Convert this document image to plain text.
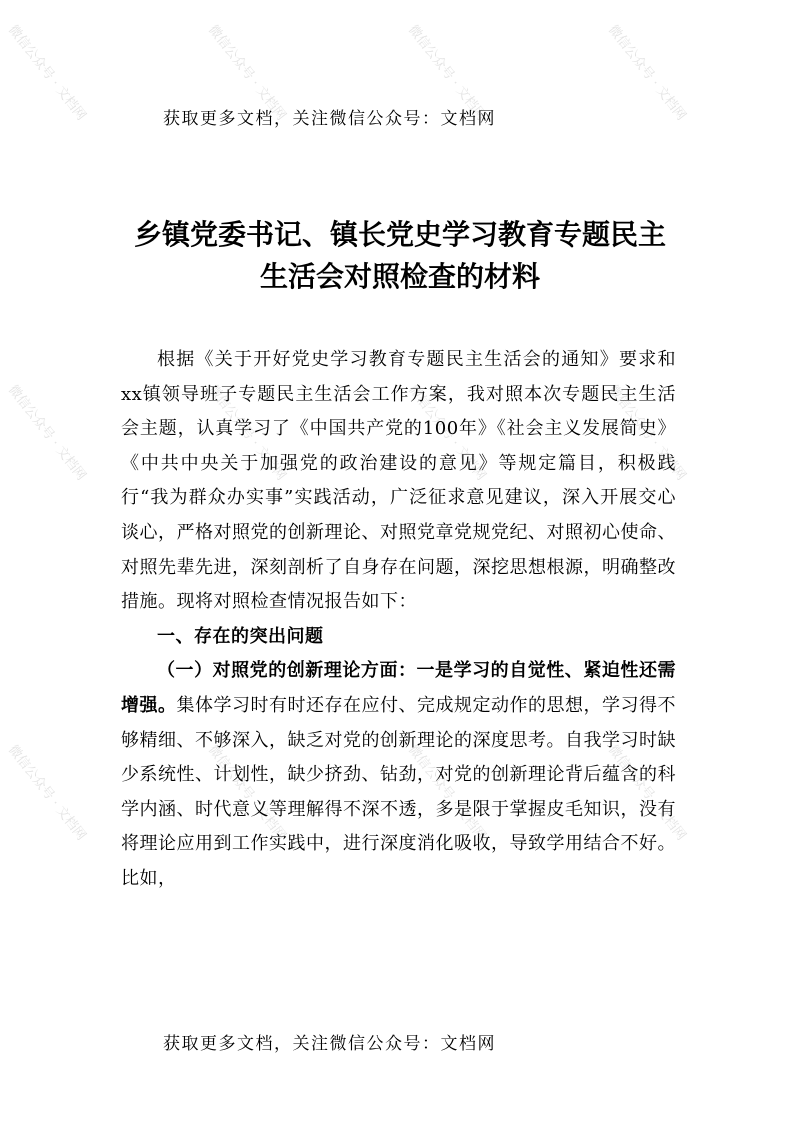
微信公众号 · 文档网	微信公众号 · 文档网	微信公众号 · 文档网	微信公众号 · 文档网
微信公众号 · 文档网	微信公众号 · 文档网	微信公众号 · 文档网	微信公众号 · 文档网
微信公众号 · 文档网	微信公众号 · 文档网	微信公众号 · 文档网	微信公众号 · 文档网
获取更多文档，关注微信公众号：文档网
乡镇党委书记、镇长党史学习教育专题民主
生活会对照检查的材料

根据《关于开好党史学习教育专题民主生活会的通知》要求和xx镇领导班子专题民主生活会工作方案，我对照本次专题民主生活会主题，认真学习了《中国共产党的100年》《社会主义发展简史》《中共中央关于加强党的政治建设的意见》等规定篇目，积极践行“我为群众办实事”实践活动，广泛征求意见建议，深入开展交心谈心，严格对照党的创新理论、对照党章党规党纪、对照初心使命、对照先辈先进，深刻剖析了自身存在问题，深挖思想根源，明确整改措施。现将对照检查情况报告如下：

一、存在的突出问题

（一）对照党的创新理论方面：一是学习的自觉性、紧迫性还需增强。集体学习时有时还存在应付、完成规定动作的思想，学习得不够精细、不够深入，缺乏对党的创新理论的深度思考。自我学习时缺少系统性、计划性，缺少挤劲、钻劲，对党的创新理论背后蕴含的科学内涵、时代意义等理解得不深不透，多是限于掌握皮毛知识，没有将理论应用到工作实践中，进行深度消化吸收，导致学用结合不好。比如，

获取更多文档，关注微信公众号：文档网
